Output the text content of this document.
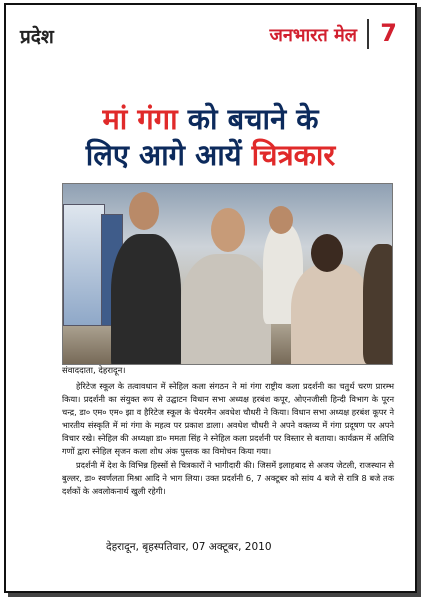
प्रदेश	जनभारत मेल 7
मां गंगा को बचाने के
लिए आगे आयें चित्रकार
संवाददाता, देहरादून।

हेरिटेज स्कूल के तत्वावधान में स्नेहिल कला संगठन ने मां गंगा राष्ट्रीय कला प्रदर्शनी का चतुर्थ चरण प्रारम्भ किया। प्रदर्शनी का संयुक्त रूप से उद्घाटन विधान सभा अध्यक्ष हरबंश कपूर, ओएनजीसी हिन्दी विभाग के पूरन चन्द्र, डा० एम० एम० झा व हैरिटेज स्कूल के चेयरमैन अवधेश चौधरी ने किया। विधान सभा अध्यक्ष हरबंश कूपर ने भारतीय संस्कृति में मां गंगा के महत्व पर प्रकाश डाला। अवधेश चौधरी ने अपने वक्तव्य में गंगा प्रदूषण पर अपने विचार रखे। स्नेहिल की अध्यक्षा डा० ममता सिंह ने स्नेहिल कला प्रदर्शनी पर विस्तार से बताया। कार्यक्रम में अतिथि गणों द्वारा स्नेहिल सृजन कला शोध अंक पुस्तक का विमोचन किया गया।

प्रदर्शनी में देश के विभिन्न हिस्सों से चित्रकारों ने भागीदारी की। जिसमें इलाहबाद से अजय जेटली, राजस्थान से बुल्लर, डा० स्वर्णलता मिश्रा आदि ने भाग लिया। उक्त प्रदर्शनी 6, 7 अक्टूबर को सांय 4 बजे से रात्रि 8 बजे तक दर्शकों के अवलोकनार्थ खुली रहेगी।

देहरादून, बृहस्पतिवार, 07 अक्टूबर, 2010
